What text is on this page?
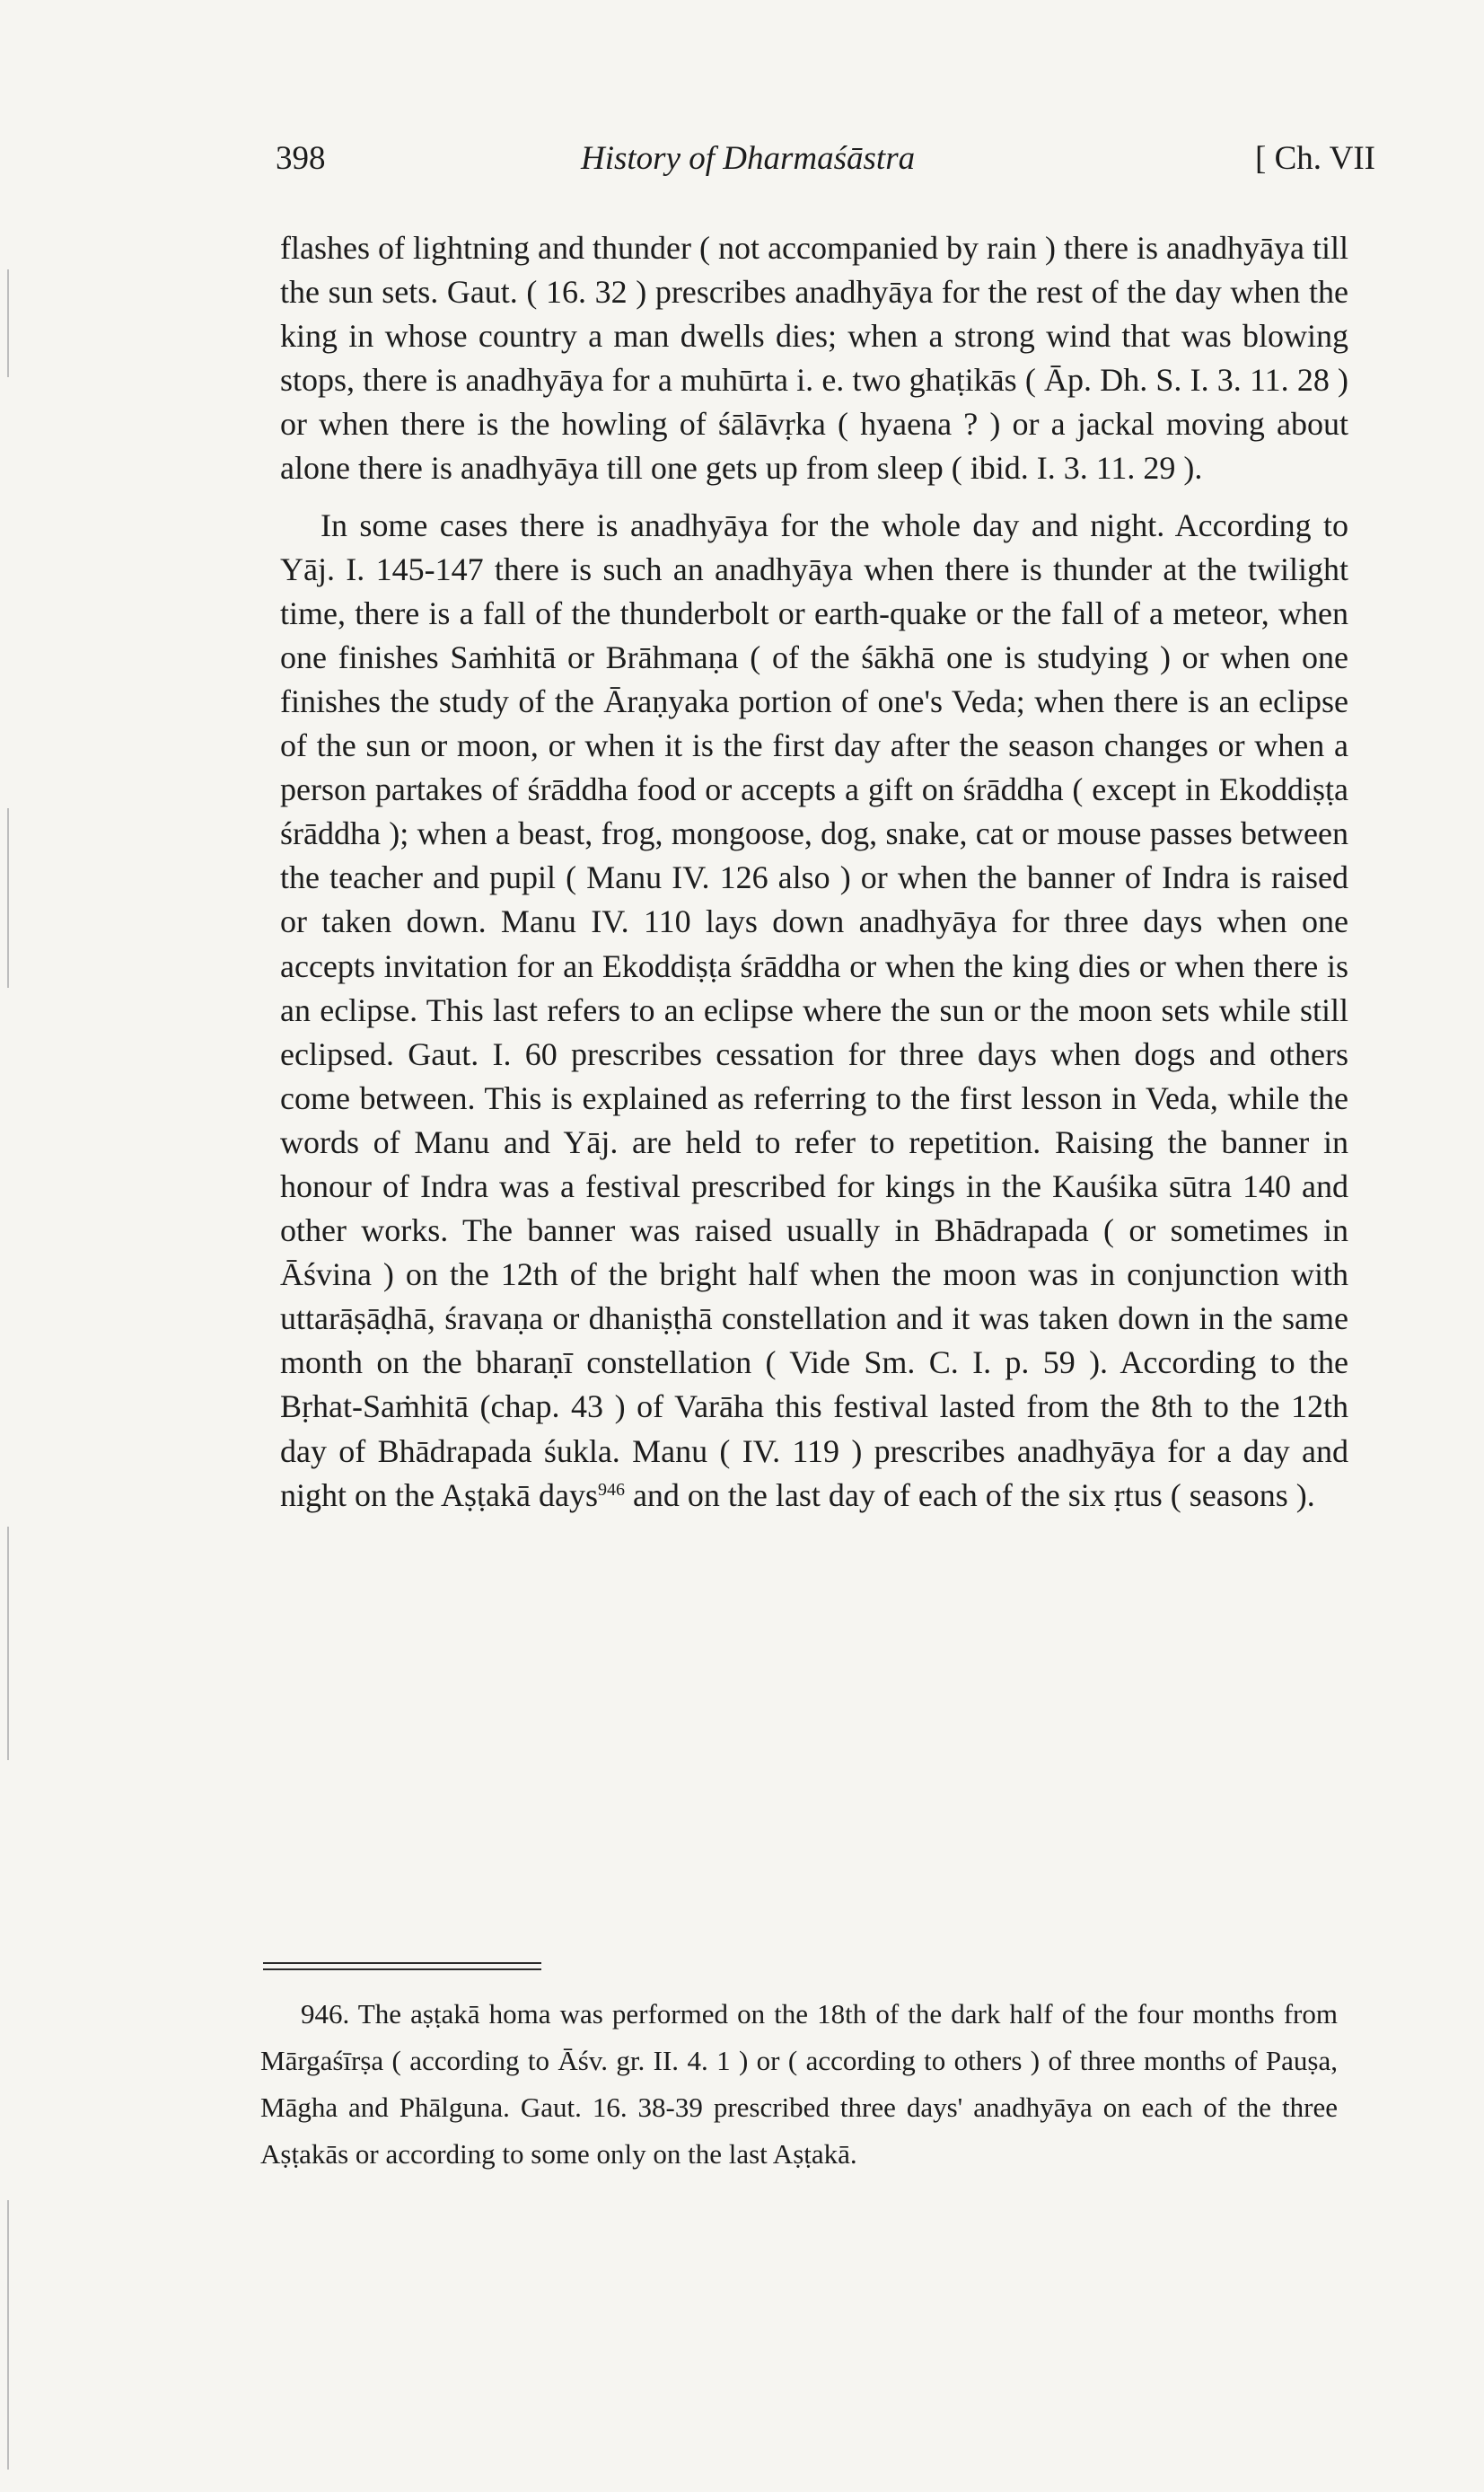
398	History of Dharmaśāstra	[ Ch. VII

flashes of lightning and thunder ( not accompanied by rain ) there is anadhyāya till the sun sets. Gaut. ( 16. 32 ) prescribes anadhyāya for the rest of the day when the king in whose country a man dwells dies; when a strong wind that was blowing stops, there is anadhyāya for a muhūrta i. e. two ghaṭikās ( Āp. Dh. S. I. 3. 11. 28 ) or when there is the howling of śālāvṛka ( hyaena ? ) or a jackal moving about alone there is anadhyāya till one gets up from sleep ( ibid. I. 3. 11. 29 ).

In some cases there is anadhyāya for the whole day and night. According to Yāj. I. 145-147 there is such an anadhyāya when there is thunder at the twilight time, there is a fall of the thunderbolt or earth-quake or the fall of a meteor, when one finishes Saṁhitā or Brāhmaṇa ( of the śākhā one is studying ) or when one finishes the study of the Āraṇyaka portion of one's Veda; when there is an eclipse of the sun or moon, or when it is the first day after the season changes or when a person partakes of śrāddha food or accepts a gift on śrāddha ( except in Ekoddiṣṭa śrāddha ); when a beast, frog, mongoose, dog, snake, cat or mouse passes between the teacher and pupil ( Manu IV. 126 also ) or when the banner of Indra is raised or taken down. Manu IV. 110 lays down anadhyāya for three days when one accepts invitation for an Ekoddiṣṭa śrāddha or when the king dies or when there is an eclipse. This last refers to an eclipse where the sun or the moon sets while still eclipsed. Gaut. I. 60 prescribes cessation for three days when dogs and others come between. This is explained as referring to the first lesson in Veda, while the words of Manu and Yāj. are held to refer to repetition. Raising the banner in honour of Indra was a festival prescribed for kings in the Kauśika sūtra 140 and other works. The banner was raised usually in Bhādrapada ( or sometimes in Āśvina ) on the 12th of the bright half when the moon was in conjunction with uttarāṣāḍhā, śravaṇa or dhaniṣṭhā constellation and it was taken down in the same month on the bharaṇī constellation ( Vide Sm. C. I. p. 59 ). According to the Bṛhat-Saṁhitā (chap. 43 ) of Varāha this festival lasted from the 8th to the 12th day of Bhādrapada śukla. Manu ( IV. 119 ) prescribes anadhyāya for a day and night on the Aṣṭakā days$^{946}$ and on the last day of each of the six ṛtus ( seasons ).

946. The aṣṭakā homa was performed on the 18th of the dark half of the four months from Mārgaśīrṣa ( according to Āśv. gr. II. 4. 1 ) or ( according to others ) of three months of Pauṣa, Māgha and Phālguna. Gaut. 16. 38-39 prescribed three days' anadhyāya on each of the three Aṣṭakās or according to some only on the last Aṣṭakā.
